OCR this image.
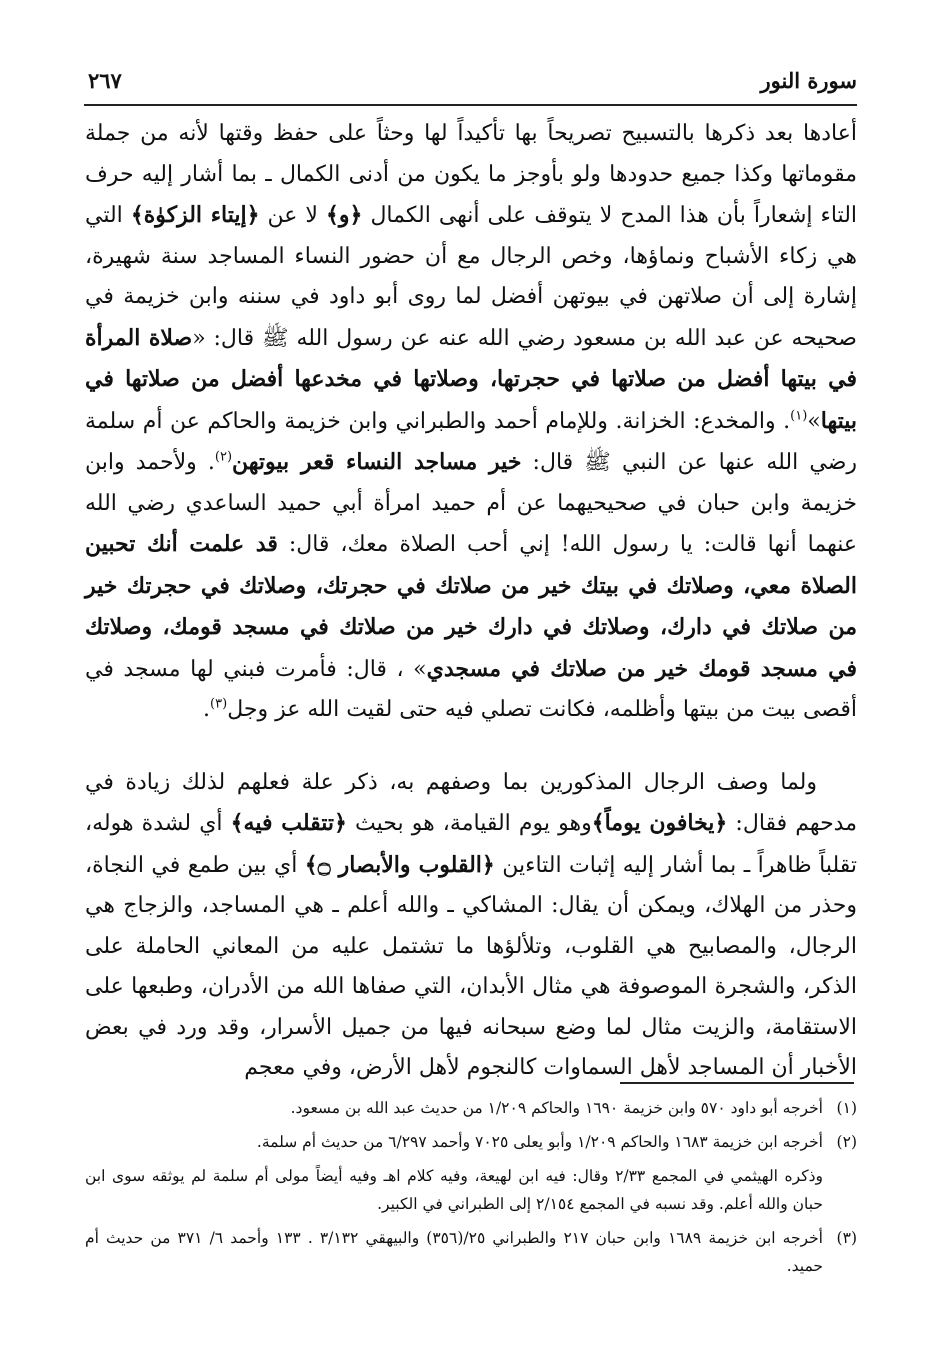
سورة النور
٢٦٧

أعادها بعد ذكرها بالتسبيح تصريحاً بها تأكيداً لها وحثاً على حفظ وقتها لأنه من جملة مقوماتها وكذا جميع حدودها ولو بأوجز ما يكون من أدنى الكمال ـ بما أشار إليه حرف التاء إشعاراً بأن هذا المدح لا يتوقف على أنهى الكمال ﴿و﴾ لا عن ﴿إيتاء الزكوٰة﴾ التي هي زكاء الأشباح ونماؤها، وخص الرجال مع أن حضور النساء المساجد سنة شهيرة، إشارة إلى أن صلاتهن في بيوتهن أفضل لما روى أبو داود في سننه وابن خزيمة في صحيحه عن عبد الله بن مسعود رضي الله عنه عن رسول الله ﷺ قال: «صلاة المرأة في بيتها أفضل من صلاتها في حجرتها، وصلاتها في مخدعها أفضل من صلاتها في بيتها»$^{(١)}$. والمخدع: الخزانة. وللإمام أحمد والطبراني وابن خزيمة والحاكم عن أم سلمة رضي الله عنها عن النبي ﷺ قال: خير مساجد النساء قعر بيوتهن$^{(٢)}$. ولأحمد وابن خزيمة وابن حبان في صحيحيهما عن أم حميد امرأة أبي حميد الساعدي رضي الله عنهما أنها قالت: يا رسول الله! إني أحب الصلاة معك، قال: قد علمت أنك تحبين الصلاة معي، وصلاتك في بيتك خير من صلاتك في حجرتك، وصلاتك في حجرتك خير من صلاتك في دارك، وصلاتك في دارك خير من صلاتك في مسجد قومك، وصلاتك في مسجد قومك خير من صلاتك في مسجدي» ، قال: فأمرت فبني لها مسجد في أقصى بيت من بيتها وأظلمه، فكانت تصلي فيه حتى لقيت الله عز وجل$^{(٣)}$.

ولما وصف الرجال المذكورين بما وصفهم به، ذكر علة فعلهم لذلك زيادة في مدحهم فقال: ﴿يخافون يوماً﴾وهو يوم القيامة، هو بحيث ﴿تتقلب فيه﴾ أي لشدة هوله، تقلباً ظاهراً ـ بما أشار إليه إثبات التاءين ﴿القلوب والأبصار ۝﴾ أي بين طمع في النجاة، وحذر من الهلاك، ويمكن أن يقال: المشاكي ـ والله أعلم ـ هي المساجد، والزجاج هي الرجال، والمصابيح هي القلوب، وتلألؤها ما تشتمل عليه من المعاني الحاملة على الذكر، والشجرة الموصوفة هي مثال الأبدان، التي صفاها الله من الأدران، وطبعها على الاستقامة، والزيت مثال لما وضع سبحانه فيها من جميل الأسرار، وقد ورد في بعض الأخبار أن المساجد لأهل السماوات كالنجوم لأهل الأرض، وفي معجم

(١)
أخرجه أبو داود ٥٧٠ وابن خزيمة ١٦٩٠ والحاكم ١/٢٠٩ من حديث عبد الله بن مسعود.
(٢)
أخرجه ابن خزيمة ١٦٨٣ والحاكم ١/٢٠٩ وأبو يعلى ٧٠٢٥ وأحمد ٦/٢٩٧ من حديث أم سلمة.
وذكره الهيثمي في المجمع ٢/٣٣ وقال: فيه ابن لهيعة، وفيه كلام اهـ وفيه أيضاً مولى أم سلمة لم يوثقه سوى ابن حبان والله أعلم. وقد نسبه في المجمع ٢/١٥٤ إلى الطبراني في الكبير.
(٣)
أخرجه ابن خزيمة ١٦٨٩ وابن حبان ٢١٧ والطبراني ٢٥/(٣٥٦) والبيهقي ٣/١٣٢ . ١٣٣ وأحمد ٦/ ٣٧١ من حديث أم حميد.
